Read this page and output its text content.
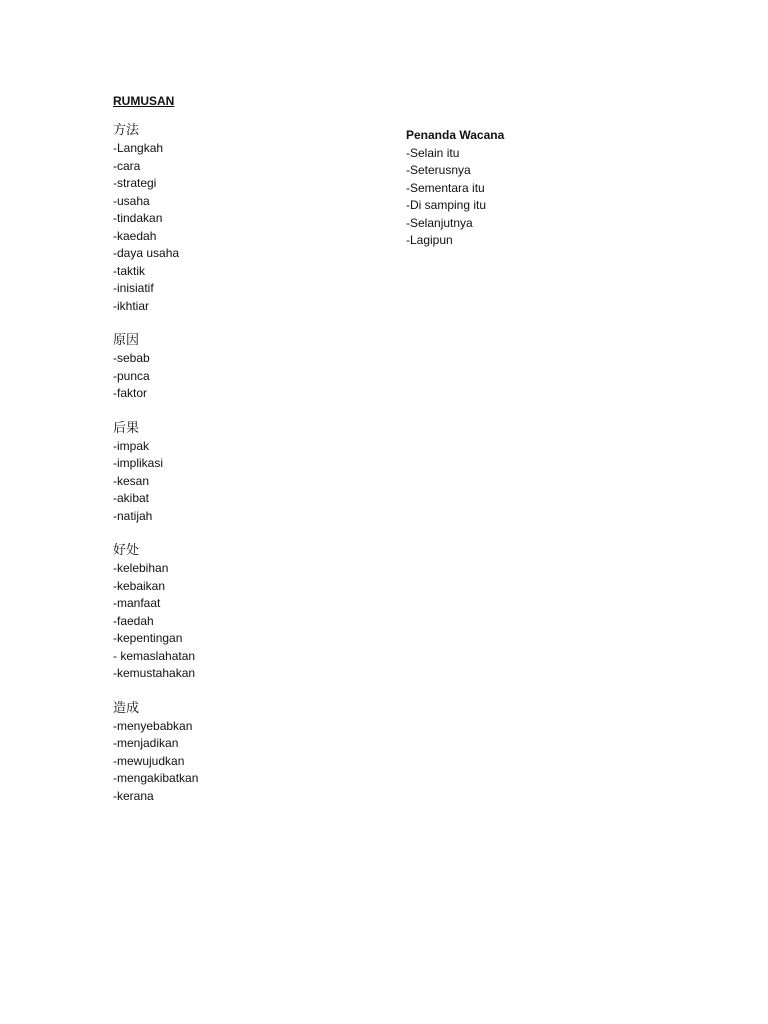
RUMUSAN

方法

-Langkah
-cara
-strategi
-usaha
-tindakan
-kaedah
-daya usaha
-taktik
-inisiatif
-ikhtiar

原因

-sebab
-punca
-faktor

后果

-impak
-implikasi
-kesan
-akibat
-natijah

好处

-kelebihan
-kebaikan
-manfaat
-faedah
-kepentingan
- kemaslahatan
-kemustahakan

造成

-menyebabkan
-menjadikan
-mewujudkan
-mengakibatkan
-kerana

Penanda Wacana

-Selain itu
-Seterusnya
-Sementara itu
-Di samping itu
-Selanjutnya
-Lagipun
